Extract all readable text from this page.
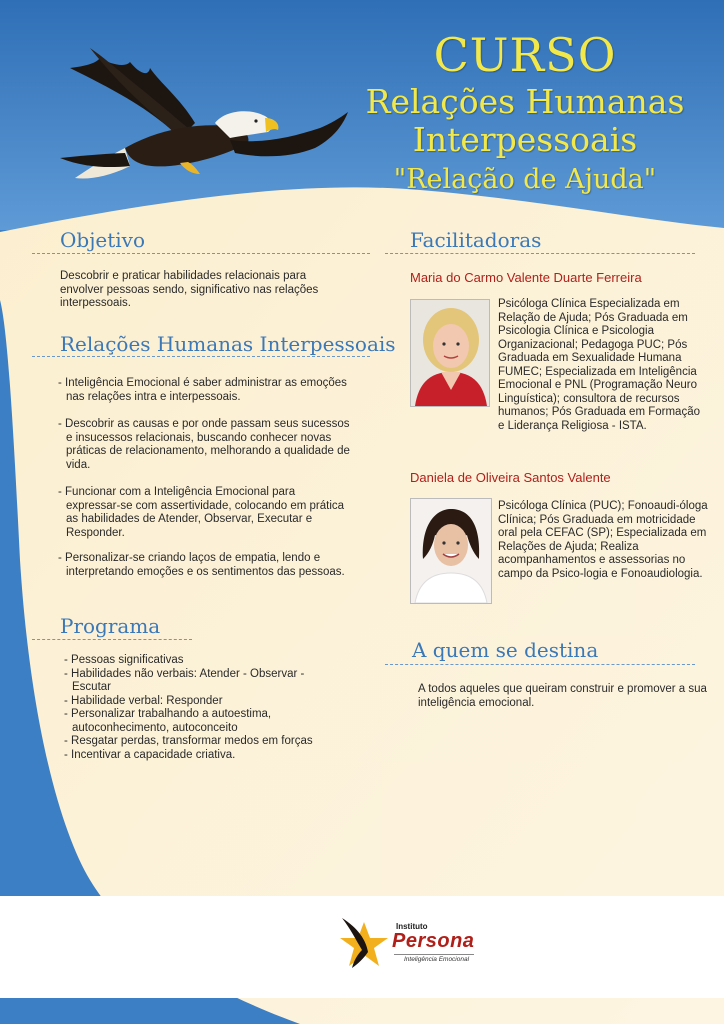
CURSO
Relações Humanas
Interpessoais
"Relação de Ajuda"
Objetivo
Descobrir e praticar habilidades relacionais para envolver pessoas sendo, significativo nas relações interpessoais.
Relações Humanas Interpessoais
- Inteligência Emocional é saber administrar as emoções nas relações intra e interpessoais.
- Descobrir as causas e por onde passam seus sucessos e insucessos relacionais, buscando conhecer novas práticas de relacionamento, melhorando a qualidade de vida.
- Funcionar com a Inteligência Emocional para expressar-se com assertividade, colocando em prática as habilidades de Atender, Observar, Executar e Responder.
- Personalizar-se criando laços de empatia, lendo e interpretando emoções e os sentimentos das pessoas.
Programa
- Pessoas significativas
- Habilidades não verbais: Atender - Observar - Escutar
- Habilidade verbal: Responder
- Personalizar trabalhando a autoestima, autoconhecimento, autoconceito
- Resgatar perdas, transformar medos em forças
- Incentivar a capacidade criativa.
Facilitadoras
Maria do Carmo Valente Duarte Ferreira
Psicóloga Clínica Especializada em Relação de Ajuda; Pós Graduada em Psicologia Clínica e Psicologia Organizacional; Pedagoga PUC; Pós Graduada em Sexualidade Humana FUMEC; Especializada em Inteligência Emocional e PNL (Programação Neuro Linguística); consultora de recursos humanos; Pós Graduada em Formação e Liderança Religiosa - ISTA.
Daniela de Oliveira Santos Valente
Psicóloga Clínica (PUC); Fonoaudi-óloga Clínica; Pós Graduada em motricidade oral pela CEFAC (SP); Especializada em Relações de Ajuda; Realiza acompanhamentos e assessorias no campo da Psico-logia e Fonoaudiologia.
A quem se destina
A todos aqueles que queiram construir e promover a sua inteligência emocional.
Instituto
Persona
Inteligência Emocional
